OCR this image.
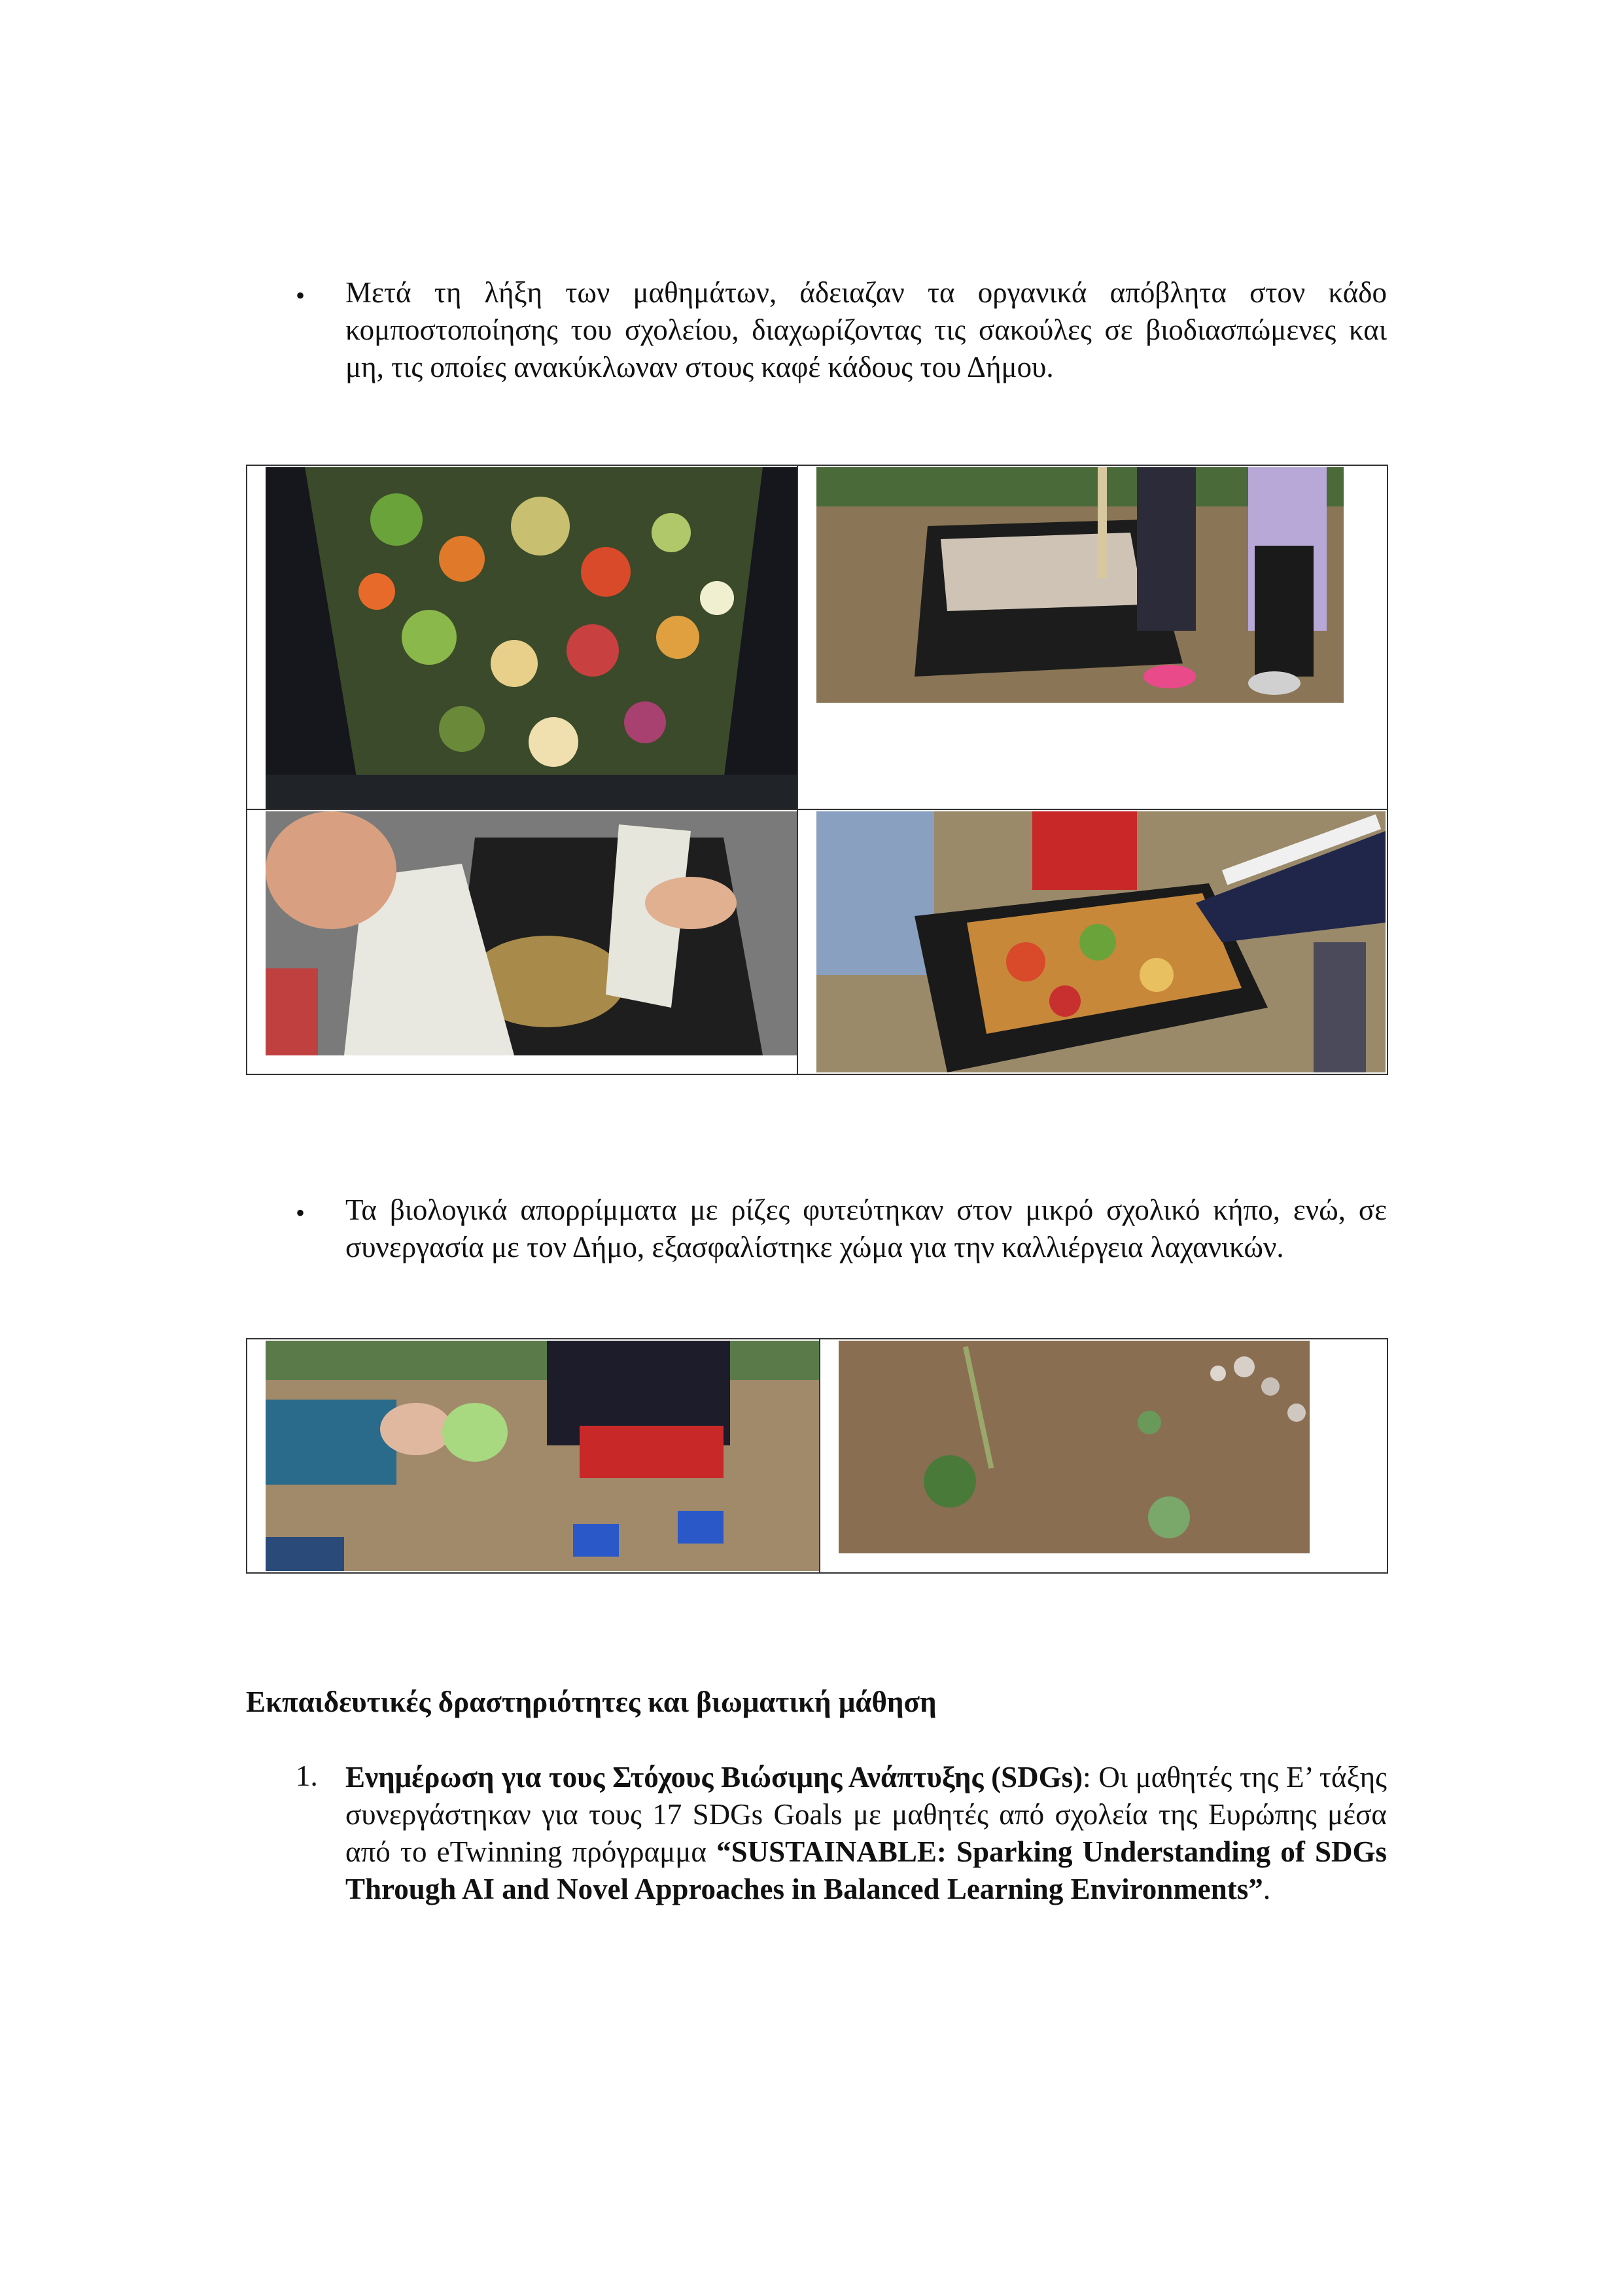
• Μετά τη λήξη των μαθημάτων, άδειαζαν τα οργανικά απόβλητα στον κάδο κομποστοποίησης του σχολείου, διαχωρίζοντας τις σακούλες σε βιοδιασπώμενες και μη, τις οποίες ανακύκλωναν στους καφέ κάδους του Δήμου.

• Τα βιολογικά απορρίμματα με ρίζες φυτεύτηκαν στον μικρό σχολικό κήπο, ενώ, σε συνεργασία με τον Δήμο, εξασφαλίστηκε χώμα για την καλλιέργεια λαχανικών.

Εκπαιδευτικές δραστηριότητες και βιωματική μάθηση
1. Ενημέρωση για τους Στόχους Βιώσιμης Ανάπτυξης (SDGs): Οι μαθητές της Ε’ τάξης συνεργάστηκαν για τους 17 SDGs Goals με μαθητές από σχολεία της Ευρώπης μέσα από το eTwinning πρόγραμμα “SUSTAINABLE: Sparking Understanding of SDGs Through AI and Novel Approaches in Balanced Learning Environments”.
